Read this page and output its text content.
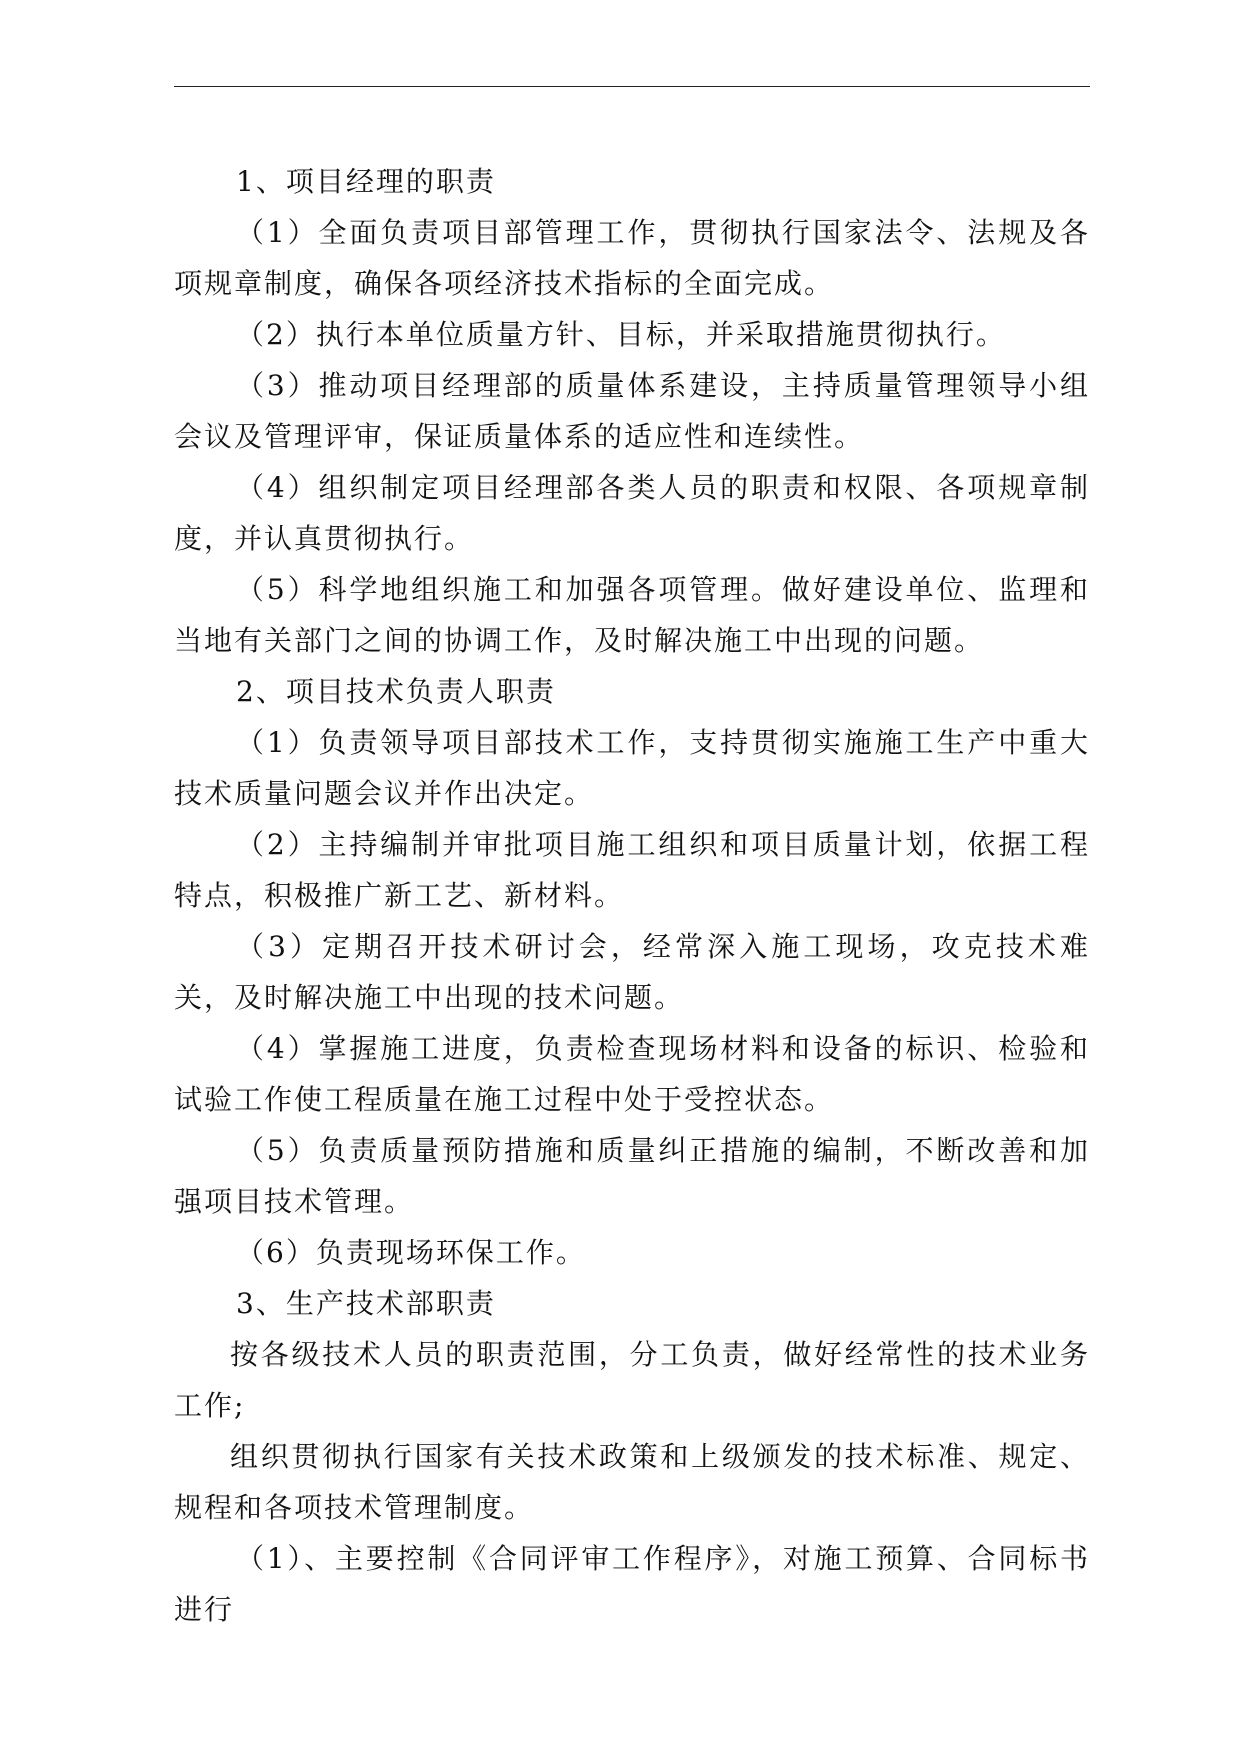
1、项目经理的职责

（1）全面负责项目部管理工作，贯彻执行国家法令、法规及各项规章制度，确保各项经济技术指标的全面完成。

（2）执行本单位质量方针、目标，并采取措施贯彻执行。

（3）推动项目经理部的质量体系建设，主持质量管理领导小组会议及管理评审，保证质量体系的适应性和连续性。

（4）组织制定项目经理部各类人员的职责和权限、各项规章制度，并认真贯彻执行。

（5）科学地组织施工和加强各项管理。做好建设单位、监理和当地有关部门之间的协调工作，及时解决施工中出现的问题。

2、项目技术负责人职责

（1）负责领导项目部技术工作，支持贯彻实施施工生产中重大技术质量问题会议并作出决定。

（2）主持编制并审批项目施工组织和项目质量计划，依据工程特点，积极推广新工艺、新材料。

（3）定期召开技术研讨会，经常深入施工现场，攻克技术难关，及时解决施工中出现的技术问题。

（4）掌握施工进度，负责检查现场材料和设备的标识、检验和试验工作使工程质量在施工过程中处于受控状态。

（5）负责质量预防措施和质量纠正措施的编制，不断改善和加强项目技术管理。

（6）负责现场环保工作。

3、生产技术部职责

按各级技术人员的职责范围，分工负责，做好经常性的技术业务工作;

组织贯彻执行国家有关技术政策和上级颁发的技术标准、规定、规程和各项技术管理制度。

（1）、主要控制《合同评审工作程序》，对施工预算、合同标书进行
